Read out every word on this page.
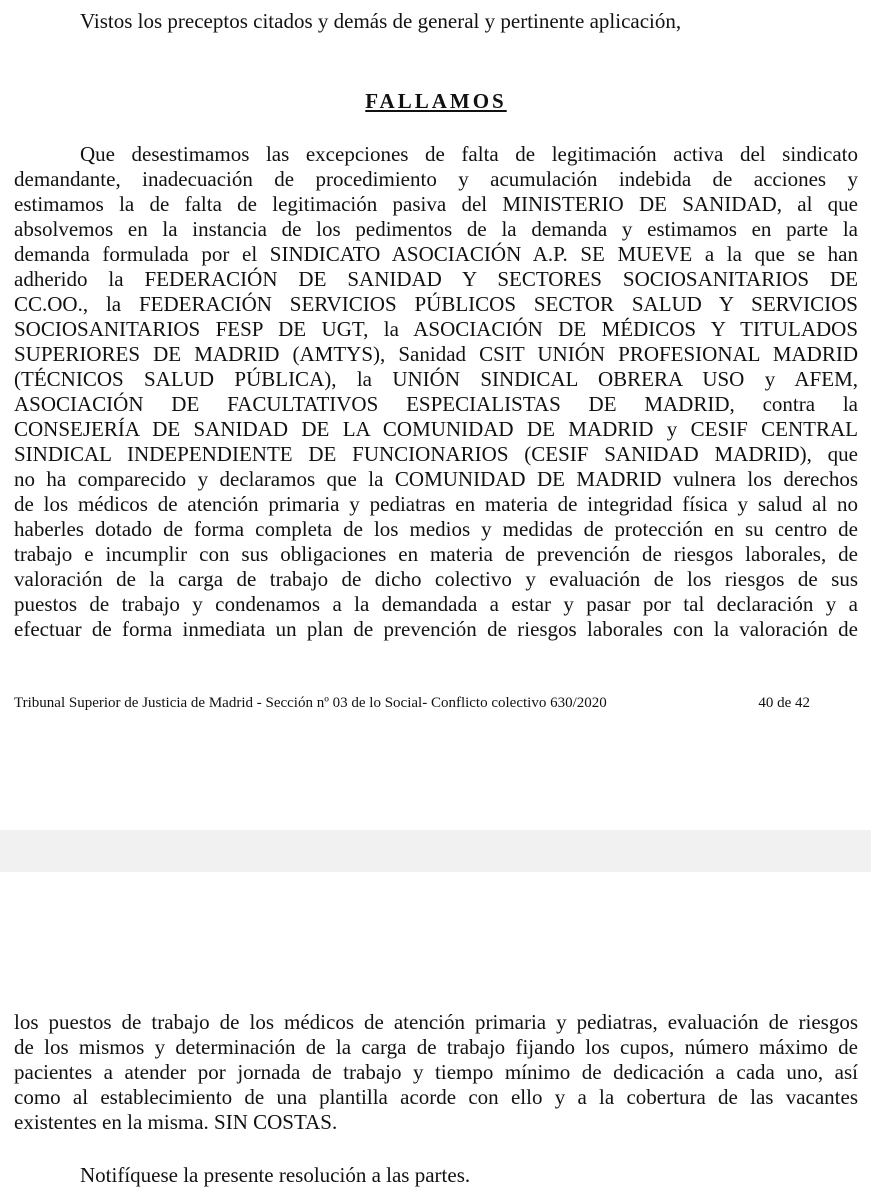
Vistos los preceptos citados y demás de general y pertinente aplicación,
FALLAMOS
Que desestimamos las excepciones de falta de legitimación activa del sindicato
demandante, inadecuación de procedimiento y acumulación indebida de acciones y
estimamos la de falta de legitimación pasiva del MINISTERIO DE SANIDAD, al que
absolvemos en la instancia de los pedimentos de la demanda y estimamos en parte la
demanda formulada por el SINDICATO ASOCIACIÓN A.P. SE MUEVE a la que se han
adherido la FEDERACIÓN DE SANIDAD Y SECTORES SOCIOSANITARIOS DE
CC.OO., la FEDERACIÓN SERVICIOS PÚBLICOS SECTOR SALUD Y SERVICIOS
SOCIOSANITARIOS FESP DE UGT, la ASOCIACIÓN DE MÉDICOS Y TITULADOS
SUPERIORES DE MADRID (AMTYS), Sanidad CSIT UNIÓN PROFESIONAL MADRID
(TÉCNICOS SALUD PÚBLICA), la UNIÓN SINDICAL OBRERA USO y AFEM,
ASOCIACIÓN DE FACULTATIVOS ESPECIALISTAS DE MADRID, contra la
CONSEJERÍA DE SANIDAD DE LA COMUNIDAD DE MADRID y CESIF CENTRAL
SINDICAL INDEPENDIENTE DE FUNCIONARIOS (CESIF SANIDAD MADRID), que
no ha comparecido y declaramos que la COMUNIDAD DE MADRID vulnera los derechos
de los médicos de atención primaria y pediatras en materia de integridad física y salud al no
haberles dotado de forma completa de los medios y medidas de protección en su centro de
trabajo e incumplir con sus obligaciones en materia de prevención de riesgos laborales, de
valoración de la carga de trabajo de dicho colectivo y evaluación de los riesgos de sus
puestos de trabajo y condenamos a la demandada a estar y pasar por tal declaración y a
efectuar de forma inmediata un plan de prevención de riesgos laborales con la valoración de
Tribunal Superior de Justicia de Madrid - Sección nº 03 de lo Social- Conflicto colectivo 630/2020	40 de 42
los puestos de trabajo de los médicos de atención primaria y pediatras, evaluación de riesgos
de los mismos y determinación de la carga de trabajo fijando los cupos, número máximo de
pacientes a atender por jornada de trabajo y tiempo mínimo de dedicación a cada uno, así
como al establecimiento de una plantilla acorde con ello y a la cobertura de las vacantes
existentes en la misma. SIN COSTAS.
Notifíquese la presente resolución a las partes.
